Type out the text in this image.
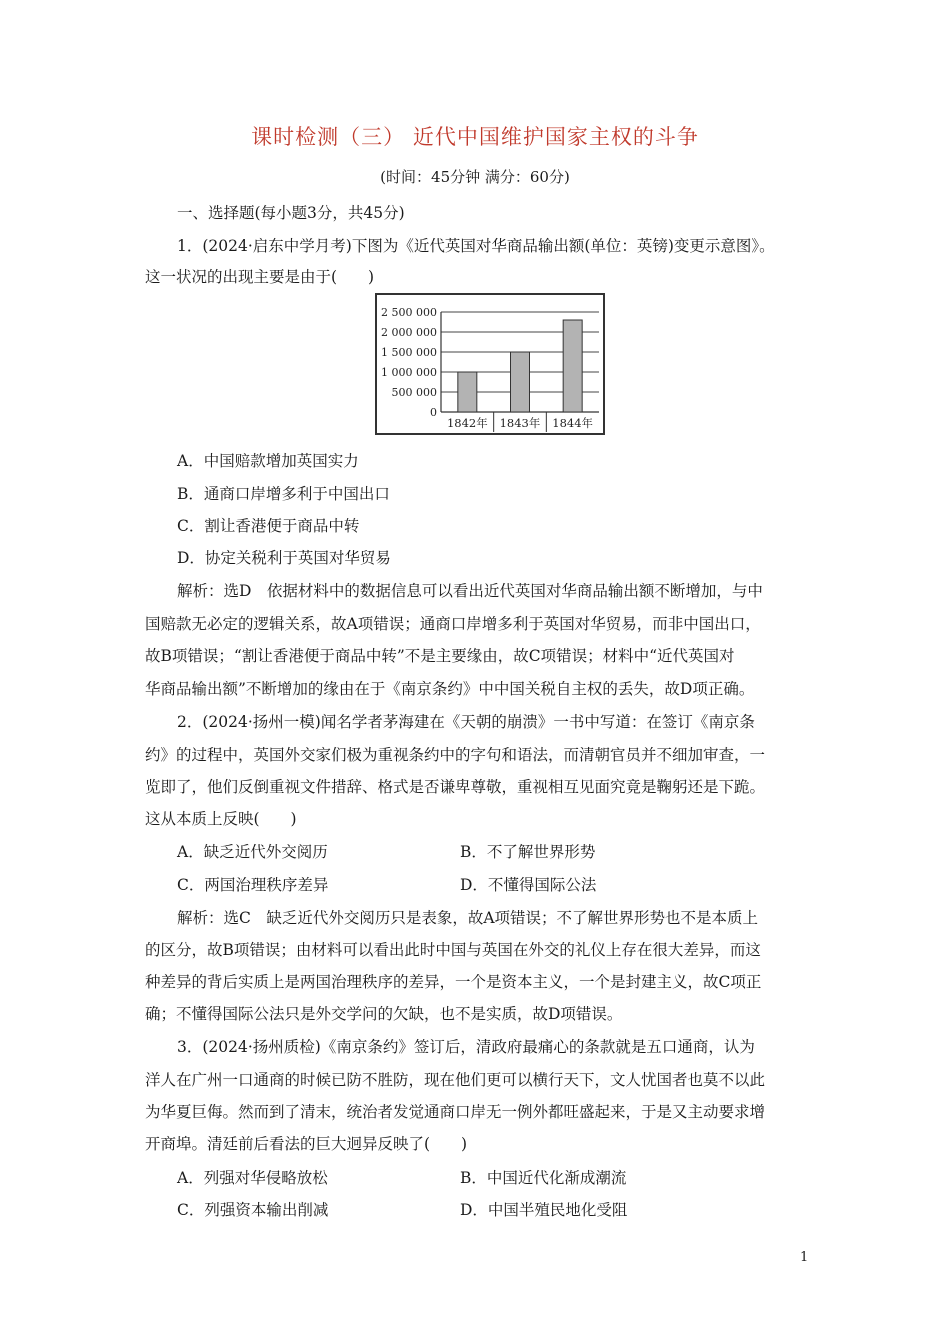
课时检测（三） 近代中国维护国家主权的斗争
(时间：45分钟 满分：60分)
一、选择题(每小题3分，共45分)
1．(2024·启东中学月考)下图为《近代英国对华商品输出额(单位：英镑)变更示意图》。
这一状况的出现主要是由于(　　)
0
500 000
1 000 000
1 500 000
2 000 000
2 500 000
1842年 1843年 1844年
A．中国赔款增加英国实力
B．通商口岸增多利于中国出口
C．割让香港便于商品中转
D．协定关税利于英国对华贸易
解析：选D　依据材料中的数据信息可以看出近代英国对华商品输出额不断增加，与中
国赔款无必定的逻辑关系，故A项错误；通商口岸增多利于英国对华贸易，而非中国出口，
故B项错误；“割让香港便于商品中转”不是主要缘由，故C项错误；材料中“近代英国对
华商品输出额”不断增加的缘由在于《南京条约》中中国关税自主权的丢失，故D项正确。
2．(2024·扬州一模)闻名学者茅海建在《天朝的崩溃》一书中写道：在签订《南京条
约》的过程中，英国外交家们极为重视条约中的字句和语法，而清朝官员并不细加审查，一
览即了，他们反倒重视文件措辞、格式是否谦卑尊敬，重视相互见面究竟是鞠躬还是下跪。
这从本质上反映(　　)
A．缺乏近代外交阅历	B．不了解世界形势
C．两国治理秩序差异	D．不懂得国际公法
解析：选C　缺乏近代外交阅历只是表象，故A项错误；不了解世界形势也不是本质上
的区分，故B项错误；由材料可以看出此时中国与英国在外交的礼仪上存在很大差异，而这
种差异的背后实质上是两国治理秩序的差异，一个是资本主义，一个是封建主义，故C项正
确；不懂得国际公法只是外交学问的欠缺，也不是实质，故D项错误。
3．(2024·扬州质检)《南京条约》签订后，清政府最痛心的条款就是五口通商，认为
洋人在广州一口通商的时候已防不胜防，现在他们更可以横行天下，文人忧国者也莫不以此
为华夏巨侮。然而到了清末，统治者发觉通商口岸无一例外都旺盛起来，于是又主动要求增
开商埠。清廷前后看法的巨大迥异反映了(　　)
A．列强对华侵略放松	B．中国近代化渐成潮流
C．列强资本输出削减	D．中国半殖民地化受阻
1
